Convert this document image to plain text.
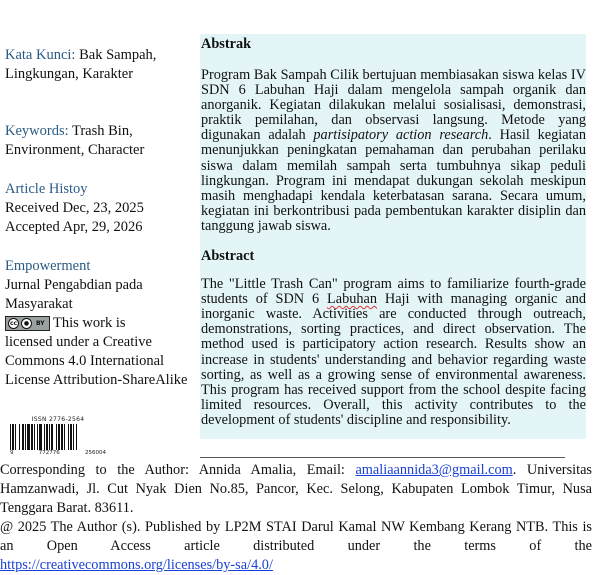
Kata Kunci: Bak Sampah, Lingkungan, Karakter
Keywords: Trash Bin, Environment, Character
Article Histoy
Received Dec, 23, 2025
Accepted Apr, 29, 2026
Empowerment
Jurnal Pengabdian pada Masyarakat
cc	●	BY This work is
licensed under a Creative Commons 4.0 International License Attribution-ShareAlike
ISSN 2776-2564
9	772776	256004

Abstrak

Program Bak Sampah Cilik bertujuan membiasakan siswa kelas IV SDN 6 Labuhan Haji dalam mengelola sampah organik dan anorganik. Kegiatan dilakukan melalui sosialisasi, demonstrasi, praktik pemilahan, dan observasi langsung. Metode yang digunakan adalah partisipatory action research. Hasil kegiatan menunjukkan peningkatan pemahaman dan perubahan perilaku siswa dalam memilah sampah serta tumbuhnya sikap peduli lingkungan. Program ini mendapat dukungan sekolah meskipun masih menghadapi kendala keterbatasan sarana. Secara umum, kegiatan ini berkontribusi pada pembentukan karakter disiplin dan tanggung jawab siswa.

Abstract

The "Little Trash Can" program aims to familiarize fourth-grade students of SDN 6 Labuhan Haji with managing organic and inorganic waste. Activities are conducted through outreach, demonstrations, sorting practices, and direct observation. The method used is participatory action research. Results show an increase in students' understanding and behavior regarding waste sorting, as well as a growing sense of environmental awareness. This program has received support from the school despite facing limited resources. Overall, this activity contributes to the development of students' discipline and responsibility.

Corresponding to the Author: Annida Amalia, Email: amaliaannida3@gmail.com. Universitas Hamzanwadi, Jl. Cut Nyak Dien No.85, Pancor, Kec. Selong, Kabupaten Lombok Timur, Nusa Tenggara Barat. 83611.

@ 2025 The Author (s). Published by LP2M STAI Darul Kamal NW Kembang Kerang NTB. This is an Open Access article distributed under the terms of the

https://creativecommons.org/licenses/by-sa/4.0/
